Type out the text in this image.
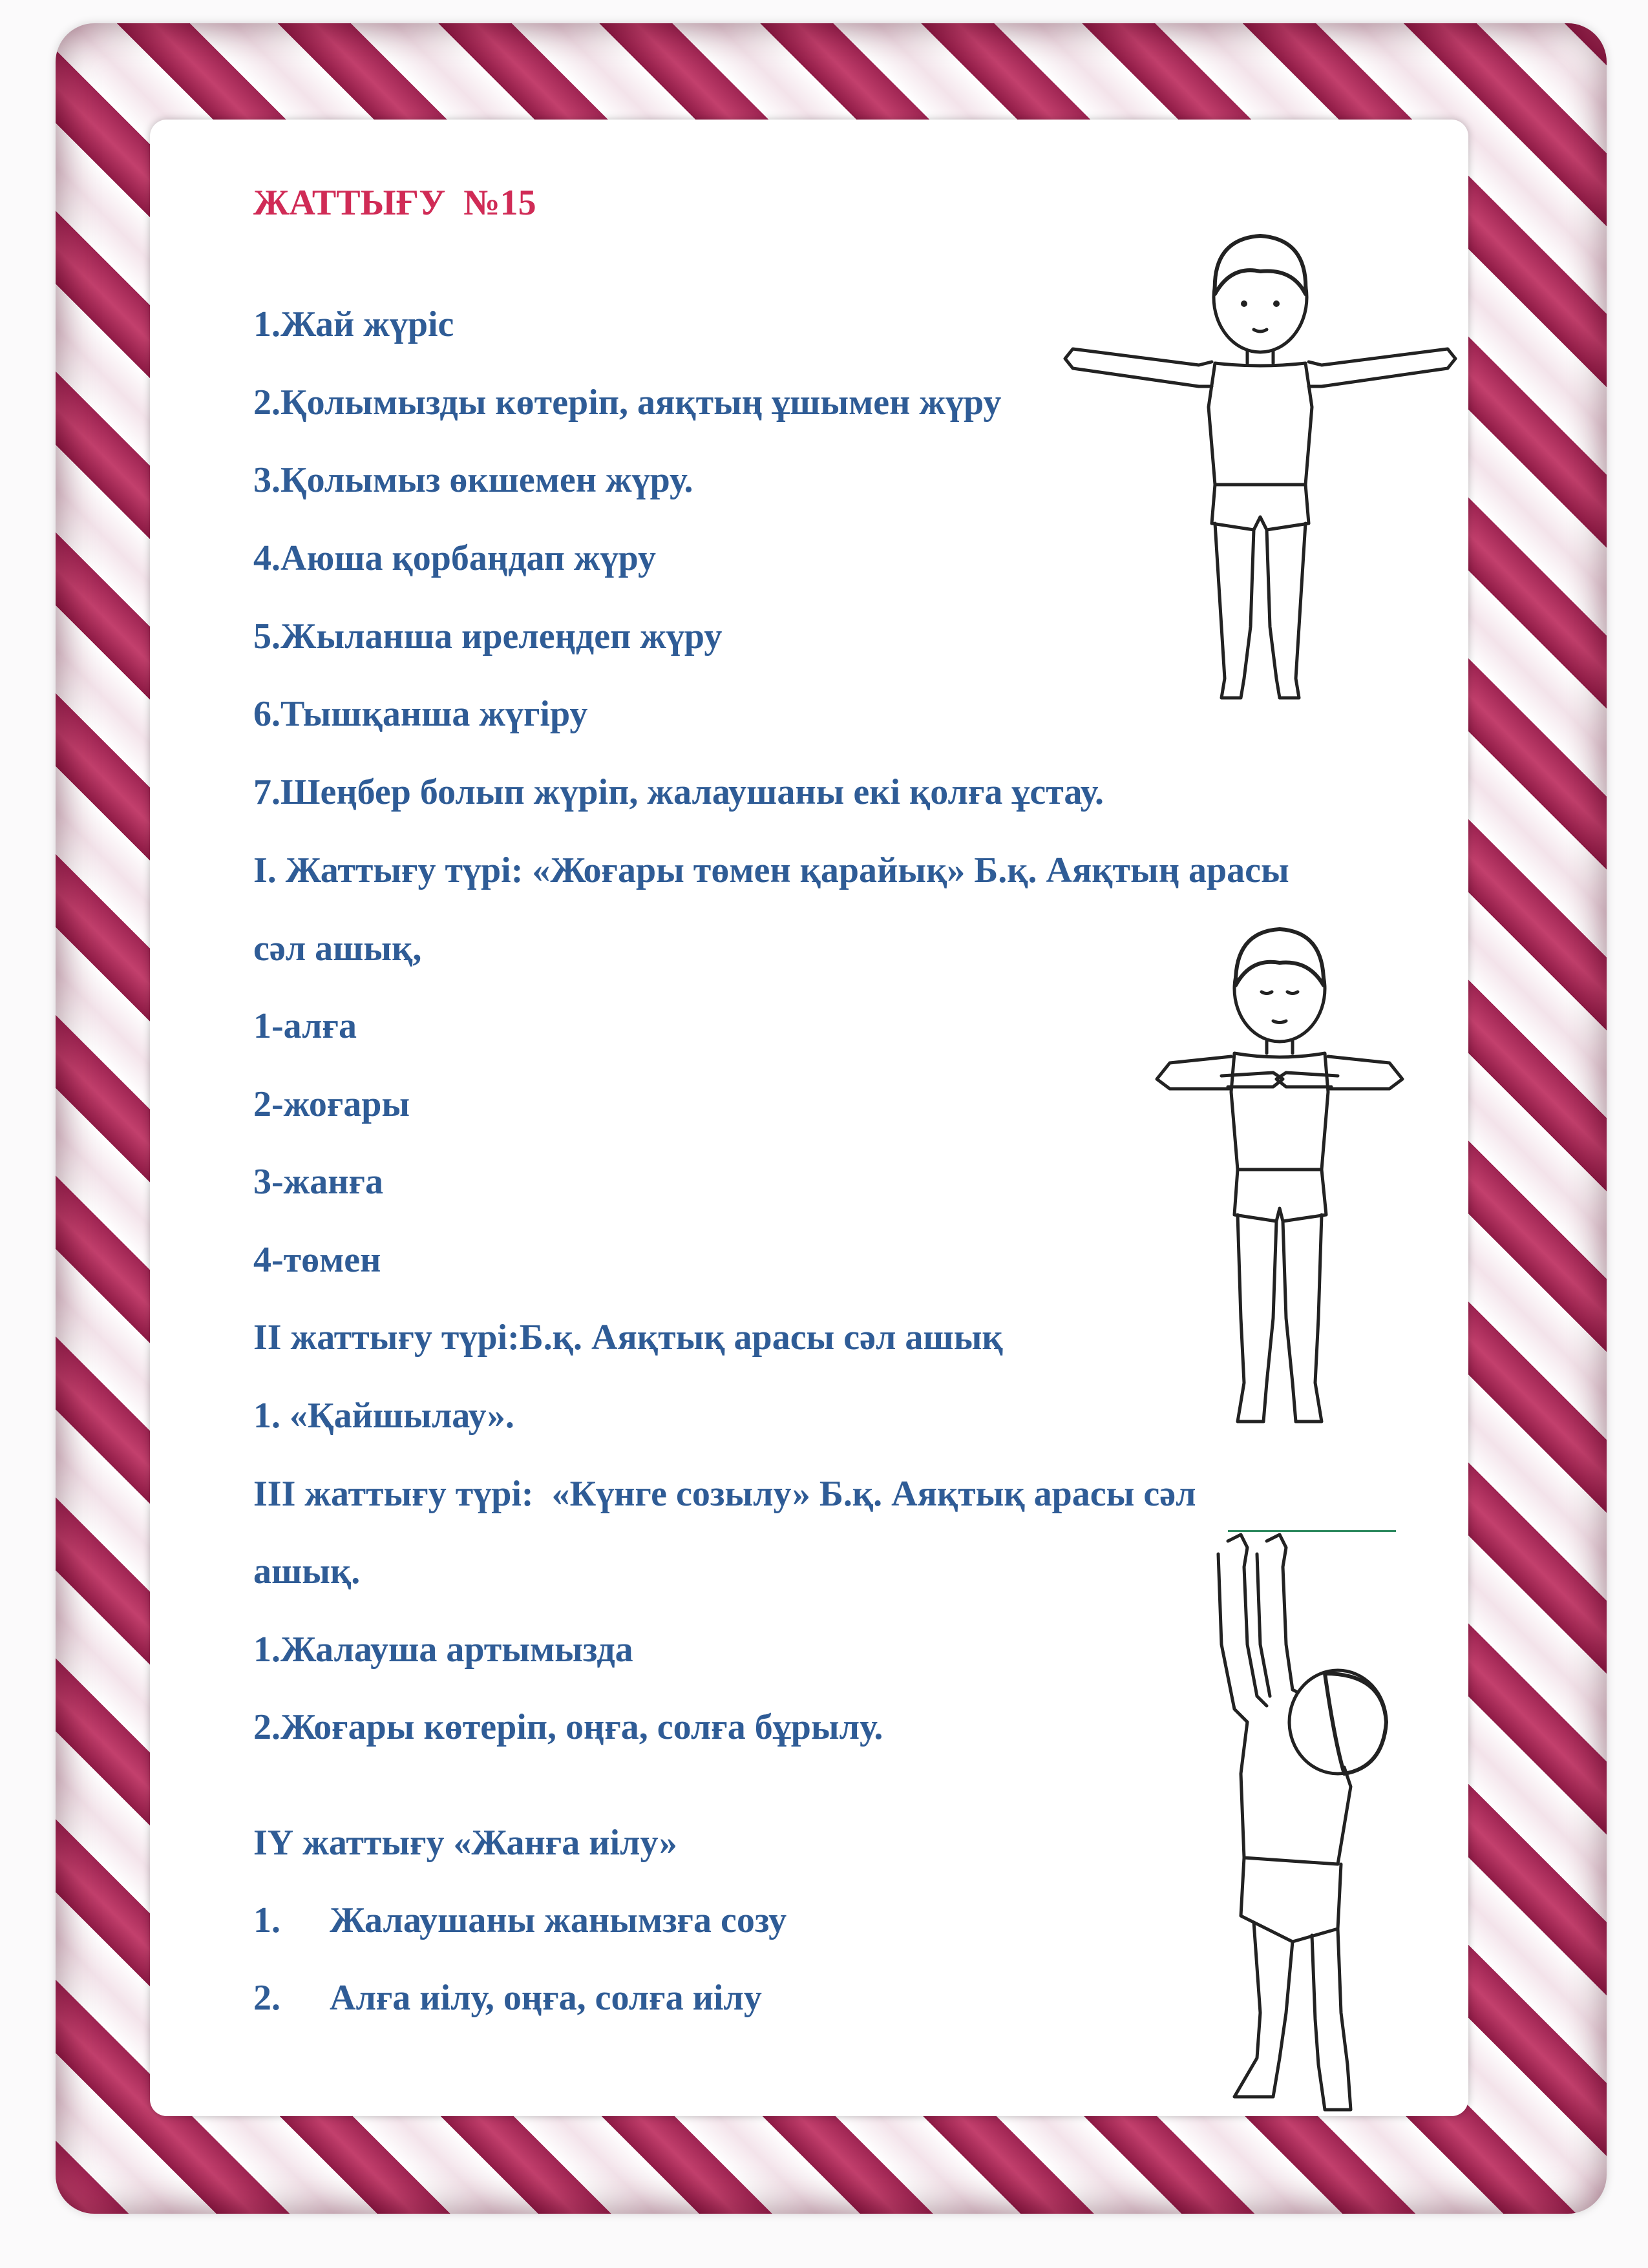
ЖАТТЫҒУ  №15
1.Жай жүріс
2.Қолымызды көтеріп, аяқтың ұшымен жүру
3.Қолымыз өкшемен жүру.
4.Аюша қорбаңдап жүру
5.Жыланша ирелеңдеп жүру
6.Тышқанша жүгіру
7.Шеңбер болып жүріп, жалаушаны екі қолға ұстау.
І. Жаттығу түрі: «Жоғары төмен қарайық» Б.қ. Аяқтың арасы
сәл ашық,
1-алға
2-жоғары
3-жанға
4-төмен
ІІ жаттығу түрі:Б.қ. Аяқтық арасы сәл ашық
1. «Қайшылау».
ІІІ жаттығу түрі:  «Күнге созылу» Б.қ. Аяқтық арасы сәл
ашық.
1.Жалауша артымызда
2.Жоғары көтеріп, оңға, солға бұрылу.
ІҮ жаттығу «Жанға иілу»
1. Жалаушаны жанымзға созу
2. Алға иілу, оңға, солға иілу
